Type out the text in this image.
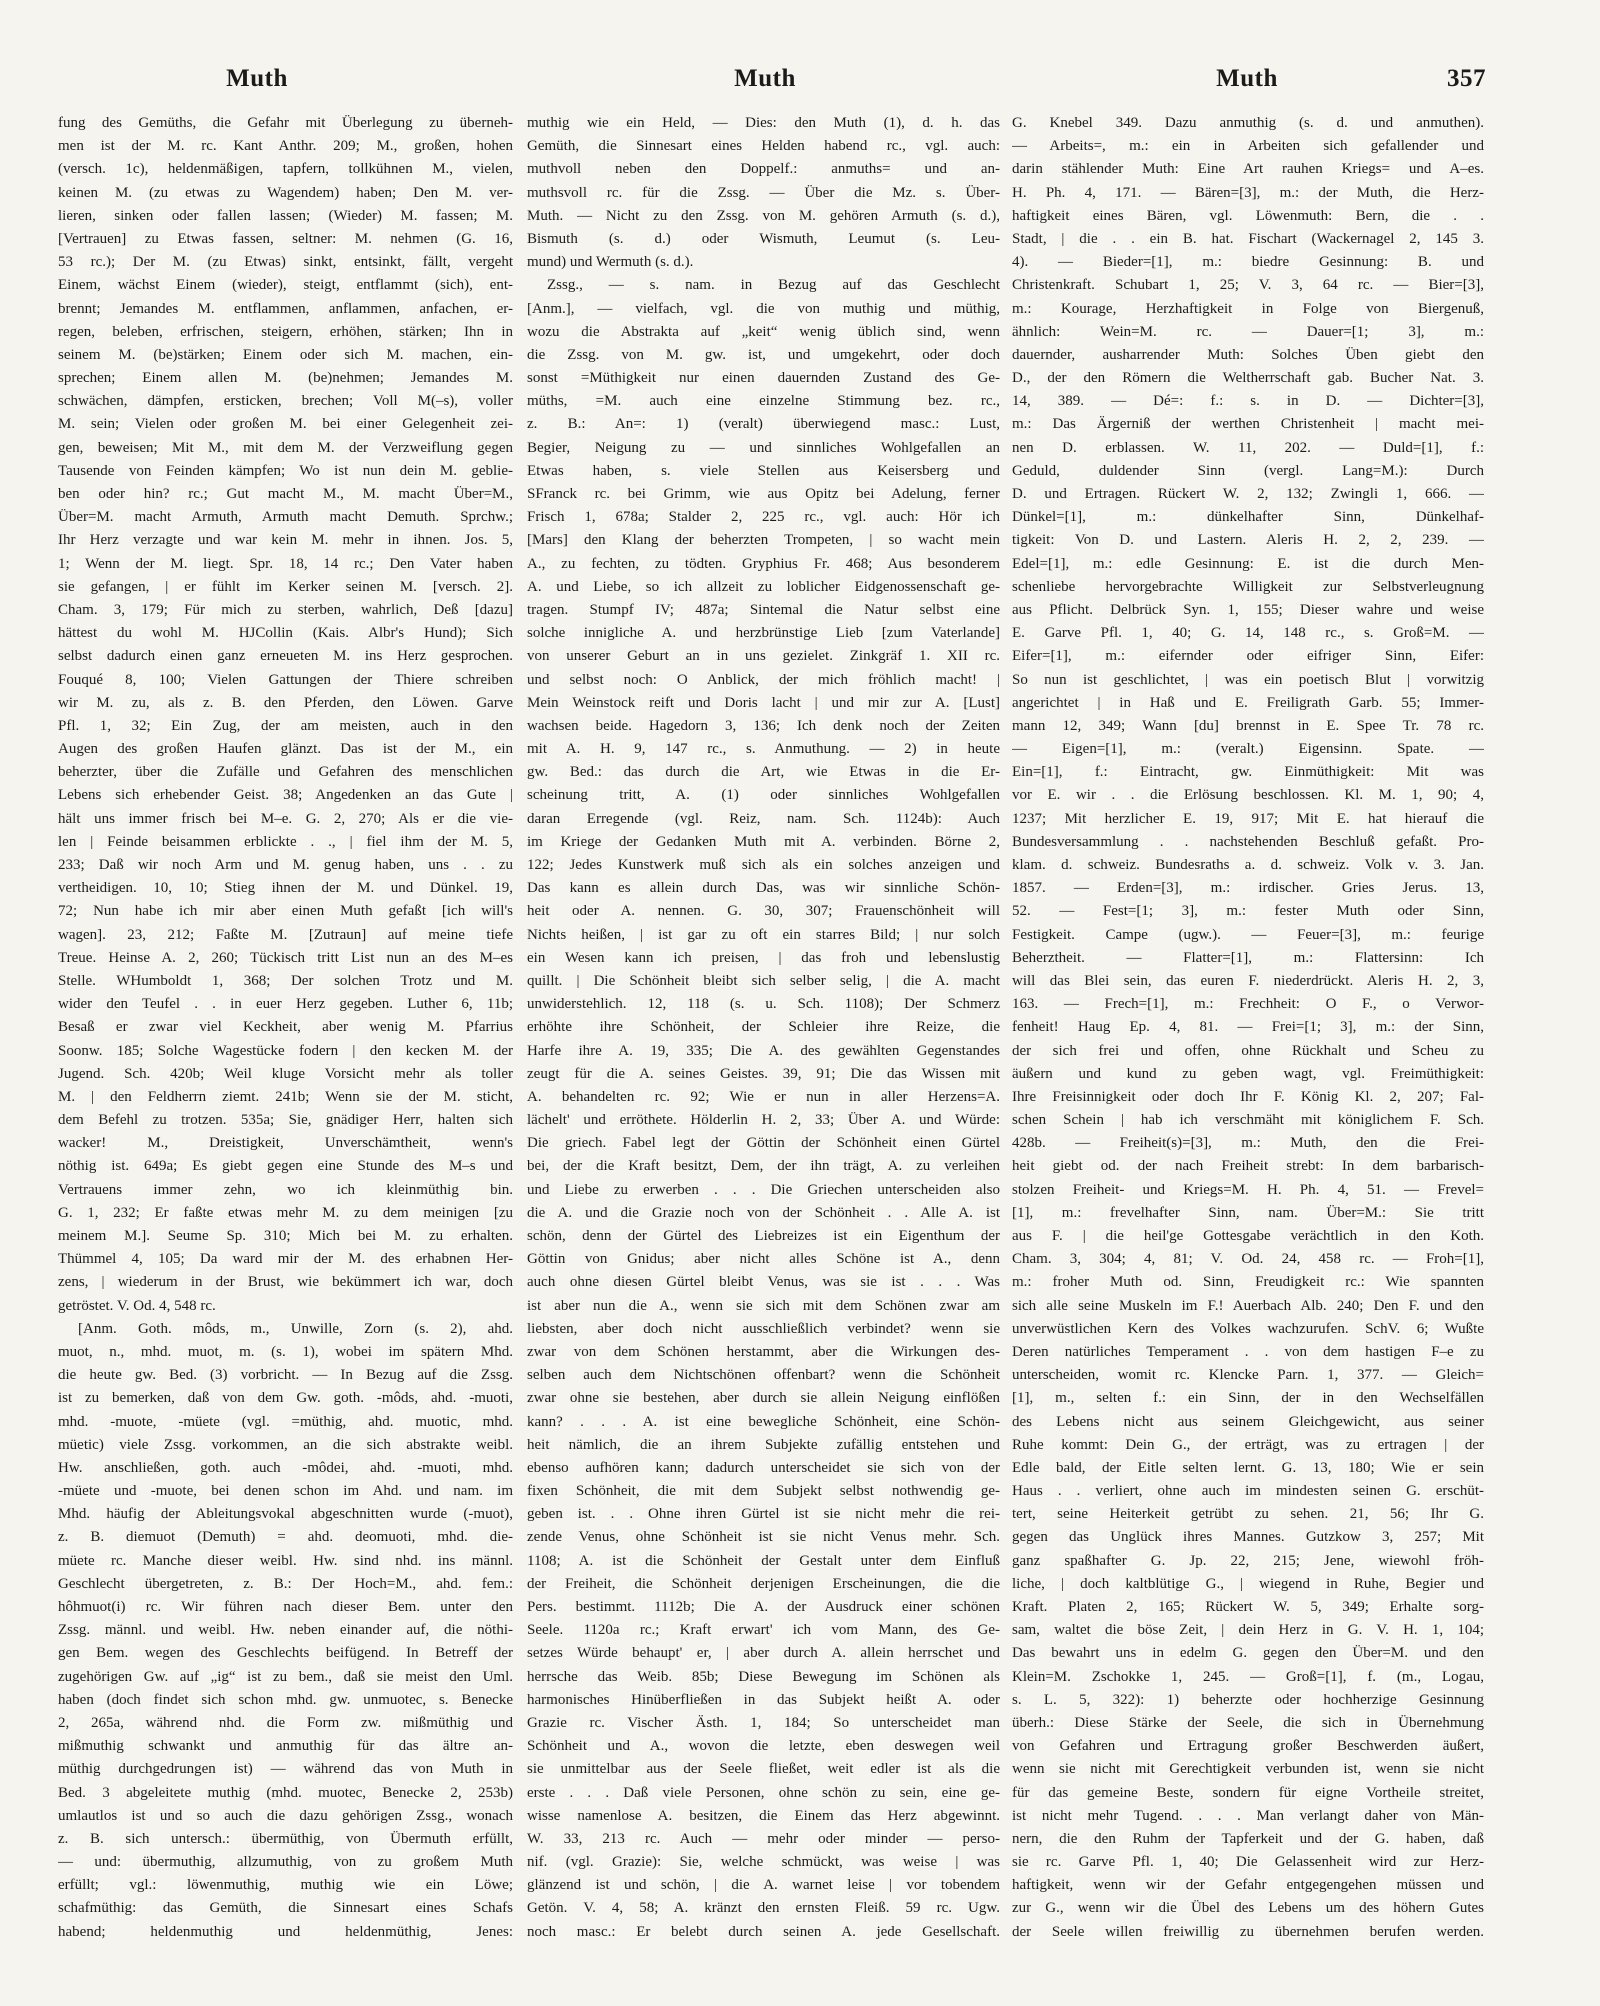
Muth	Muth	Muth	357
fung des Gemüths, die Gefahr mit Überlegung zu überneh-
men ist der M. rc. Kant Anthr. 209; M., großen, hohen
(versch. 1c), heldenmäßigen, tapfern, tollkühnen M., vielen,
keinen M. (zu etwas zu Wagendem) haben; Den M. ver-
lieren, sinken oder fallen lassen; (Wieder) M. fassen; M.
[Vertrauen] zu Etwas fassen, seltner: M. nehmen (G. 16,
53 rc.); Der M. (zu Etwas) sinkt, entsinkt, fällt, vergeht
Einem, wächst Einem (wieder), steigt, entflammt (sich), ent-
brennt; Jemandes M. entflammen, anflammen, anfachen, er-
regen, beleben, erfrischen, steigern, erhöhen, stärken; Ihn in
seinem M. (be)stärken; Einem oder sich M. machen, ein-
sprechen; Einem allen M. (be)nehmen; Jemandes M.
schwächen, dämpfen, ersticken, brechen; Voll M(–s), voller
M. sein; Vielen oder großen M. bei einer Gelegenheit zei-
gen, beweisen; Mit M., mit dem M. der Verzweiflung gegen
Tausende von Feinden kämpfen; Wo ist nun dein M. geblie-
ben oder hin? rc.; Gut macht M., M. macht Über=M.,
Über=M. macht Armuth, Armuth macht Demuth. Sprchw.;
Ihr Herz verzagte und war kein M. mehr in ihnen. Jos. 5,
1; Wenn der M. liegt. Spr. 18, 14 rc.; Den Vater haben
sie gefangen, | er fühlt im Kerker seinen M. [versch. 2].
Cham. 3, 179; Für mich zu sterben, wahrlich, Deß [dazu]
hättest du wohl M. HJCollin (Kais. Albr's Hund); Sich
selbst dadurch einen ganz erneueten M. ins Herz gesprochen.
Fouqué 8, 100; Vielen Gattungen der Thiere schreiben
wir M. zu, als z. B. den Pferden, den Löwen. Garve
Pfl. 1, 32; Ein Zug, der am meisten, auch in den
Augen des großen Haufen glänzt. Das ist der M., ein
beherzter, über die Zufälle und Gefahren des menschlichen
Lebens sich erhebender Geist. 38; Angedenken an das Gute |
hält uns immer frisch bei M–e. G. 2, 270; Als er die vie-
len | Feinde beisammen erblickte . ., | fiel ihm der M. 5,
233; Daß wir noch Arm und M. genug haben, uns . . zu
vertheidigen. 10, 10; Stieg ihnen der M. und Dünkel. 19,
72; Nun habe ich mir aber einen Muth gefaßt [ich will's
wagen]. 23, 212; Faßte M. [Zutraun] auf meine tiefe
Treue. Heinse A. 2, 260; Tückisch tritt List nun an des M–es
Stelle. WHumboldt 1, 368; Der solchen Trotz und M.
wider den Teufel . . in euer Herz gegeben. Luther 6, 11b;
Besaß er zwar viel Keckheit, aber wenig M. Pfarrius
Soonw. 185; Solche Wagestücke fodern | den kecken M. der
Jugend. Sch. 420b; Weil kluge Vorsicht mehr als toller
M. | den Feldherrn ziemt. 241b; Wenn sie der M. sticht,
dem Befehl zu trotzen. 535a; Sie, gnädiger Herr, halten sich
wacker! M., Dreistigkeit, Unverschämtheit, wenn's
nöthig ist. 649a; Es giebt gegen eine Stunde des M–s und
Vertrauens immer zehn, wo ich kleinmüthig bin.
G. 1, 232; Er faßte etwas mehr M. zu dem meinigen [zu
meinem M.]. Seume Sp. 310; Mich bei M. zu erhalten.
Thümmel 4, 105; Da ward mir der M. des erhabnen Her-
zens, | wiederum in der Brust, wie bekümmert ich war, doch
getröstet. V. Od. 4, 548 rc.
[Anm. Goth. môds, m., Unwille, Zorn (s. 2), ahd.
muot, n., mhd. muot, m. (s. 1), wobei im spätern Mhd.
die heute gw. Bed. (3) vorbricht. — In Bezug auf die Zssg.
ist zu bemerken, daß von dem Gw. goth. -môds, ahd. -muoti,
mhd. -muote, -müete (vgl. =müthig, ahd. muotic, mhd.
müetic) viele Zssg. vorkommen, an die sich abstrakte weibl.
Hw. anschließen, goth. auch -môdei, ahd. -muoti, mhd.
-müete und -muote, bei denen schon im Ahd. und nam. im
Mhd. häufig der Ableitungsvokal abgeschnitten wurde (-muot),
z. B. diemuot (Demuth) = ahd. deomuoti, mhd. die-
müete rc. Manche dieser weibl. Hw. sind nhd. ins männl.
Geschlecht übergetreten, z. B.: Der Hoch=M., ahd. fem.:
hôhmuot(i) rc. Wir führen nach dieser Bem. unter den
Zssg. männl. und weibl. Hw. neben einander auf, die nöthi-
gen Bem. wegen des Geschlechts beifügend. In Betreff der
zugehörigen Gw. auf „ig“ ist zu bem., daß sie meist den Uml.
haben (doch findet sich schon mhd. gw. unmuotec, s. Benecke
2, 265a, während nhd. die Form zw. mißmüthig und
mißmuthig schwankt und anmuthig für das ältre an-
müthig durchgedrungen ist) — während das von Muth in
Bed. 3 abgeleitete muthig (mhd. muotec, Benecke 2, 253b)
umlautlos ist und so auch die dazu gehörigen Zssg., wonach
z. B. sich untersch.: übermüthig, von Übermuth erfüllt,
— und: übermuthig, allzumuthig, von zu großem Muth
erfüllt; vgl.: löwenmuthig, muthig wie ein Löwe;
schafmüthig: das Gemüth, die Sinnesart eines Schafs
habend; heldenmuthig und heldenmüthig, Jenes:
muthig wie ein Held, — Dies: den Muth (1), d. h. das
Gemüth, die Sinnesart eines Helden habend rc., vgl. auch:
muthvoll neben den Doppelf.: anmuths= und an-
muthsvoll rc. für die Zssg. — Über die Mz. s. Über-
Muth. — Nicht zu den Zssg. von M. gehören Armuth (s. d.),
Bismuth (s. d.) oder Wismuth, Leumut (s. Leu-
mund) und Wermuth (s. d.).
Zssg., — s. nam. in Bezug auf das Geschlecht
[Anm.], — vielfach, vgl. die von muthig und müthig,
wozu die Abstrakta auf „keit“ wenig üblich sind, wenn
die Zssg. von M. gw. ist, und umgekehrt, oder doch
sonst =Müthigkeit nur einen dauernden Zustand des Ge-
müths, =M. auch eine einzelne Stimmung bez. rc.,
z. B.: An=: 1) (veralt) überwiegend masc.: Lust,
Begier, Neigung zu — und sinnliches Wohlgefallen an
Etwas haben, s. viele Stellen aus Keisersberg und
SFranck rc. bei Grimm, wie aus Opitz bei Adelung, ferner
Frisch 1, 678a; Stalder 2, 225 rc., vgl. auch: Hör ich
[Mars] den Klang der beherzten Trompeten, | so wacht mein
A., zu fechten, zu tödten. Gryphius Fr. 468; Aus besonderem
A. und Liebe, so ich allzeit zu loblicher Eidgenossenschaft ge-
tragen. Stumpf IV; 487a; Sintemal die Natur selbst eine
solche innigliche A. und herzbrünstige Lieb [zum Vaterlande]
von unserer Geburt an in uns gezielet. Zinkgräf 1. XII rc.
und selbst noch: O Anblick, der mich fröhlich macht! |
Mein Weinstock reift und Doris lacht | und mir zur A. [Lust]
wachsen beide. Hagedorn 3, 136; Ich denk noch der Zeiten
mit A. H. 9, 147 rc., s. Anmuthung. — 2) in heute
gw. Bed.: das durch die Art, wie Etwas in die Er-
scheinung tritt, A. (1) oder sinnliches Wohlgefallen
daran Erregende (vgl. Reiz, nam. Sch. 1124b): Auch
im Kriege der Gedanken Muth mit A. verbinden. Börne 2,
122; Jedes Kunstwerk muß sich als ein solches anzeigen und
Das kann es allein durch Das, was wir sinnliche Schön-
heit oder A. nennen. G. 30, 307; Frauenschönheit will
Nichts heißen, | ist gar zu oft ein starres Bild; | nur solch
ein Wesen kann ich preisen, | das froh und lebenslustig
quillt. | Die Schönheit bleibt sich selber selig, | die A. macht
unwiderstehlich. 12, 118 (s. u. Sch. 1108); Der Schmerz
erhöhte ihre Schönheit, der Schleier ihre Reize, die
Harfe ihre A. 19, 335; Die A. des gewählten Gegenstandes
zeugt für die A. seines Geistes. 39, 91; Die das Wissen mit
A. behandelten rc. 92; Wie er nun in aller Herzens=A.
lächelt' und erröthete. Hölderlin H. 2, 33; Über A. und Würde:
Die griech. Fabel legt der Göttin der Schönheit einen Gürtel
bei, der die Kraft besitzt, Dem, der ihn trägt, A. zu verleihen
und Liebe zu erwerben . . . Die Griechen unterscheiden also
die A. und die Grazie noch von der Schönheit . . Alle A. ist
schön, denn der Gürtel des Liebreizes ist ein Eigenthum der
Göttin von Gnidus; aber nicht alles Schöne ist A., denn
auch ohne diesen Gürtel bleibt Venus, was sie ist . . . Was
ist aber nun die A., wenn sie sich mit dem Schönen zwar am
liebsten, aber doch nicht ausschließlich verbindet? wenn sie
zwar von dem Schönen herstammt, aber die Wirkungen des-
selben auch dem Nichtschönen offenbart? wenn die Schönheit
zwar ohne sie bestehen, aber durch sie allein Neigung einflößen
kann? . . . A. ist eine bewegliche Schönheit, eine Schön-
heit nämlich, die an ihrem Subjekte zufällig entstehen und
ebenso aufhören kann; dadurch unterscheidet sie sich von der
fixen Schönheit, die mit dem Subjekt selbst nothwendig ge-
geben ist. . . Ohne ihren Gürtel ist sie nicht mehr die rei-
zende Venus, ohne Schönheit ist sie nicht Venus mehr. Sch.
1108; A. ist die Schönheit der Gestalt unter dem Einfluß
der Freiheit, die Schönheit derjenigen Erscheinungen, die die
Pers. bestimmt. 1112b; Die A. der Ausdruck einer schönen
Seele. 1120a rc.; Kraft erwart' ich vom Mann, des Ge-
setzes Würde behaupt' er, | aber durch A. allein herrschet und
herrsche das Weib. 85b; Diese Bewegung im Schönen als
harmonisches Hinüberfließen in das Subjekt heißt A. oder
Grazie rc. Vischer Ästh. 1, 184; So unterscheidet man
Schönheit und A., wovon die letzte, eben deswegen weil
sie unmittelbar aus der Seele fließet, weit edler ist als die
erste . . . Daß viele Personen, ohne schön zu sein, eine ge-
wisse namenlose A. besitzen, die Einem das Herz abgewinnt.
W. 33, 213 rc. Auch — mehr oder minder — perso-
nif. (vgl. Grazie): Sie, welche schmückt, was weise | was
glänzend ist und schön, | die A. warnet leise | vor tobendem
Getön. V. 4, 58; A. kränzt den ernsten Fleiß. 59 rc. Ugw.
noch masc.: Er belebt durch seinen A. jede Gesellschaft.
G. Knebel 349. Dazu anmuthig (s. d. und anmuthen).
— Arbeits=, m.: ein in Arbeiten sich gefallender und
darin stählender Muth: Eine Art rauhen Kriegs= und A–es.
H. Ph. 4, 171. — Bären=[3], m.: der Muth, die Herz-
haftigkeit eines Bären, vgl. Löwenmuth: Bern, die . .
Stadt, | die . . ein B. hat. Fischart (Wackernagel 2, 145 3.
4). — Bieder=[1], m.: biedre Gesinnung: B. und
Christenkraft. Schubart 1, 25; V. 3, 64 rc. — Bier=[3],
m.: Kourage, Herzhaftigkeit in Folge von Biergenuß,
ähnlich: Wein=M. rc. — Dauer=[1; 3], m.:
dauernder, ausharrender Muth: Solches Üben giebt den
D., der den Römern die Weltherrschaft gab. Bucher Nat. 3.
14, 389. — Dé=: f.: s. in D. — Dichter=[3],
m.: Das Ärgerniß der werthen Christenheit | macht mei-
nen D. erblassen. W. 11, 202. — Duld=[1], f.:
Geduld, duldender Sinn (vergl. Lang=M.): Durch
D. und Ertragen. Rückert W. 2, 132; Zwingli 1, 666. —
Dünkel=[1], m.: dünkelhafter Sinn, Dünkelhaf-
tigkeit: Von D. und Lastern. Aleris H. 2, 2, 239. —
Edel=[1], m.: edle Gesinnung: E. ist die durch Men-
schenliebe hervorgebrachte Willigkeit zur Selbstverleugnung
aus Pflicht. Delbrück Syn. 1, 155; Dieser wahre und weise
E. Garve Pfl. 1, 40; G. 14, 148 rc., s. Groß=M. —
Eifer=[1], m.: eifernder oder eifriger Sinn, Eifer:
So nun ist geschlichtet, | was ein poetisch Blut | vorwitzig
angerichtet | in Haß und E. Freiligrath Garb. 55; Immer-
mann 12, 349; Wann [du] brennst in E. Spee Tr. 78 rc.
— Eigen=[1], m.: (veralt.) Eigensinn. Spate. —
Ein=[1], f.: Eintracht, gw. Einmüthigkeit: Mit was
vor E. wir . . die Erlösung beschlossen. Kl. M. 1, 90; 4,
1237; Mit herzlicher E. 19, 917; Mit E. hat hierauf die
Bundesversammlung . . nachstehenden Beschluß gefaßt. Pro-
klam. d. schweiz. Bundesraths a. d. schweiz. Volk v. 3. Jan.
1857. — Erden=[3], m.: irdischer. Gries Jerus. 13,
52. — Fest=[1; 3], m.: fester Muth oder Sinn,
Festigkeit. Campe (ugw.). — Feuer=[3], m.: feurige
Beherztheit. — Flatter=[1], m.: Flattersinn: Ich
will das Blei sein, das euren F. niederdrückt. Aleris H. 2, 3,
163. — Frech=[1], m.: Frechheit: O F., o Verwor-
fenheit! Haug Ep. 4, 81. — Frei=[1; 3], m.: der Sinn,
der sich frei und offen, ohne Rückhalt und Scheu zu
äußern und kund zu geben wagt, vgl. Freimüthigkeit:
Ihre Freisinnigkeit oder doch Ihr F. König Kl. 2, 207; Fal-
schen Schein | hab ich verschmäht mit königlichem F. Sch.
428b. — Freiheit(s)=[3], m.: Muth, den die Frei-
heit giebt od. der nach Freiheit strebt: In dem barbarisch-
stolzen Freiheit- und Kriegs=M. H. Ph. 4, 51. — Frevel=
[1], m.: frevelhafter Sinn, nam. Über=M.: Sie tritt
aus F. | die heil'ge Gottesgabe verächtlich in den Koth.
Cham. 3, 304; 4, 81; V. Od. 24, 458 rc. — Froh=[1],
m.: froher Muth od. Sinn, Freudigkeit rc.: Wie spannten
sich alle seine Muskeln im F.! Auerbach Alb. 240; Den F. und den
unverwüstlichen Kern des Volkes wachzurufen. SchV. 6; Wußte
Deren natürliches Temperament . . von dem hastigen F–e zu
unterscheiden, womit rc. Klencke Parn. 1, 377. — Gleich=
[1], m., selten f.: ein Sinn, der in den Wechselfällen
des Lebens nicht aus seinem Gleichgewicht, aus seiner
Ruhe kommt: Dein G., der erträgt, was zu ertragen | der
Edle bald, der Eitle selten lernt. G. 13, 180; Wie er sein
Haus . . verliert, ohne auch im mindesten seinen G. erschüt-
tert, seine Heiterkeit getrübt zu sehen. 21, 56; Ihr G.
gegen das Unglück ihres Mannes. Gutzkow 3, 257; Mit
ganz spaßhafter G. Jp. 22, 215; Jene, wiewohl fröh-
liche, | doch kaltblütige G., | wiegend in Ruhe, Begier und
Kraft. Platen 2, 165; Rückert W. 5, 349; Erhalte sorg-
sam, waltet die böse Zeit, | dein Herz in G. V. H. 1, 104;
Das bewahrt uns in edelm G. gegen den Über=M. und den
Klein=M. Zschokke 1, 245. — Groß=[1], f. (m., Logau,
s. L. 5, 322): 1) beherzte oder hochherzige Gesinnung
überh.: Diese Stärke der Seele, die sich in Übernehmung
von Gefahren und Ertragung großer Beschwerden äußert,
wenn sie nicht mit Gerechtigkeit verbunden ist, wenn sie nicht
für das gemeine Beste, sondern für eigne Vortheile streitet,
ist nicht mehr Tugend. . . . Man verlangt daher von Män-
nern, die den Ruhm der Tapferkeit und der G. haben, daß
sie rc. Garve Pfl. 1, 40; Die Gelassenheit wird zur Herz-
haftigkeit, wenn wir der Gefahr entgegengehen müssen und
zur G., wenn wir die Übel des Lebens um des höhern Gutes
der Seele willen freiwillig zu übernehmen berufen werden.
